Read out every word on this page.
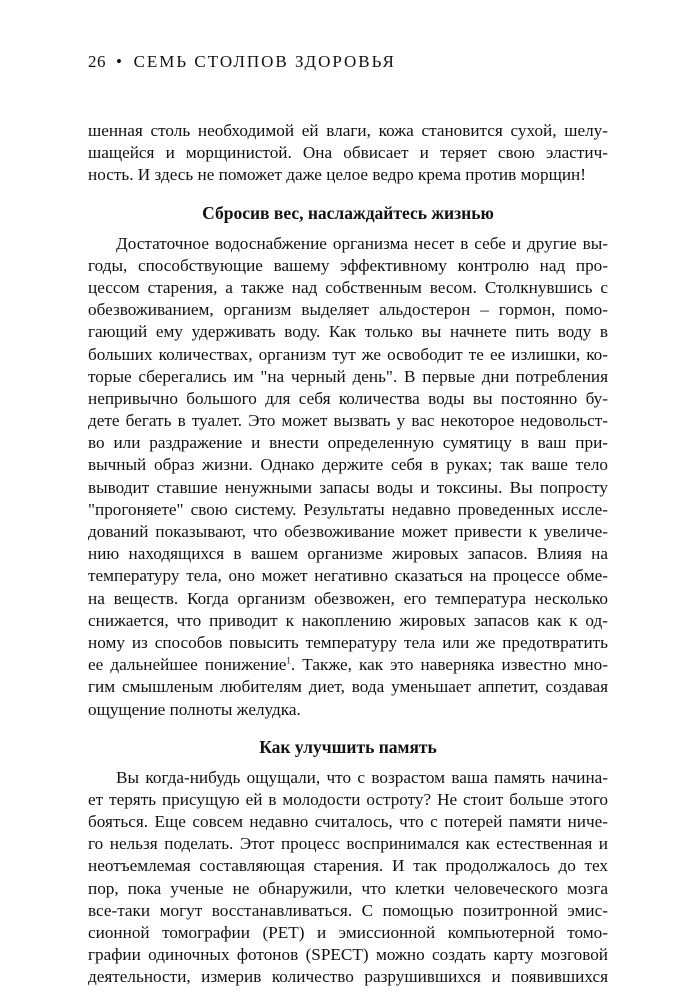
26 • СЕМЬ СТОЛПОВ ЗДОРОВЬЯ

шенная столь необходимой ей влаги, кожа становится сухой, шелу-

шащейся и морщинистой. Она обвисает и теряет свою эластич-

ность. И здесь не поможет даже целое ведро крема против морщин!

Сбросив вес, наслаждайтесь жизнью

Достаточное водоснабжение организма несет в себе и другие вы-

годы, способствующие вашему эффективному контролю над про-

цессом старения, а также над собственным весом. Столкнувшись с

обезвоживанием, организм выделяет альдостерон – гормон, помо-

гающий ему удерживать воду. Как только вы начнете пить воду в

больших количествах, организм тут же освободит те ее излишки, ко-

торые сберегались им "на черный день". В первые дни потребления

непривычно большого для себя количества воды вы постоянно бу-

дете бегать в туалет. Это может вызвать у вас некоторое недовольст-

во или раздражение и внести определенную сумятицу в ваш при-

вычный образ жизни. Однако держите себя в руках; так ваше тело

выводит ставшие ненужными запасы воды и токсины. Вы попросту

"прогоняете" свою систему. Результаты недавно проведенных иссле-

дований показывают, что обезвоживание может привести к увеличе-

нию находящихся в вашем организме жировых запасов. Влияя на

температуру тела, оно может негативно сказаться на процессе обме-

на веществ. Когда организм обезвожен, его температура несколько

снижается, что приводит к накоплению жировых запасов как к од-

ному из способов повысить температуру тела или же предотвратить

ее дальнейшее понижение$^1$. Также, как это наверняка известно мно-

гим смышленым любителям диет, вода уменьшает аппетит, создавая

ощущение полноты желудка.

Как улучшить память

Вы когда-нибудь ощущали, что с возрастом ваша память начина-

ет терять присущую ей в молодости остроту? Не стоит больше этого

бояться. Еще совсем недавно считалось, что с потерей памяти ниче-

го нельзя поделать. Этот процесс воспринимался как естественная и

неотъемлемая составляющая старения. И так продолжалось до тех

пор, пока ученые не обнаружили, что клетки человеческого мозга

все-таки могут восстанавливаться. С помощью позитронной эмис-

сионной томографии (PET) и эмиссионной компьютерной томо-

графии одиночных фотонов (SPECT) можно создать карту мозговой

деятельности, измерив количество разрушившихся и появившихся
